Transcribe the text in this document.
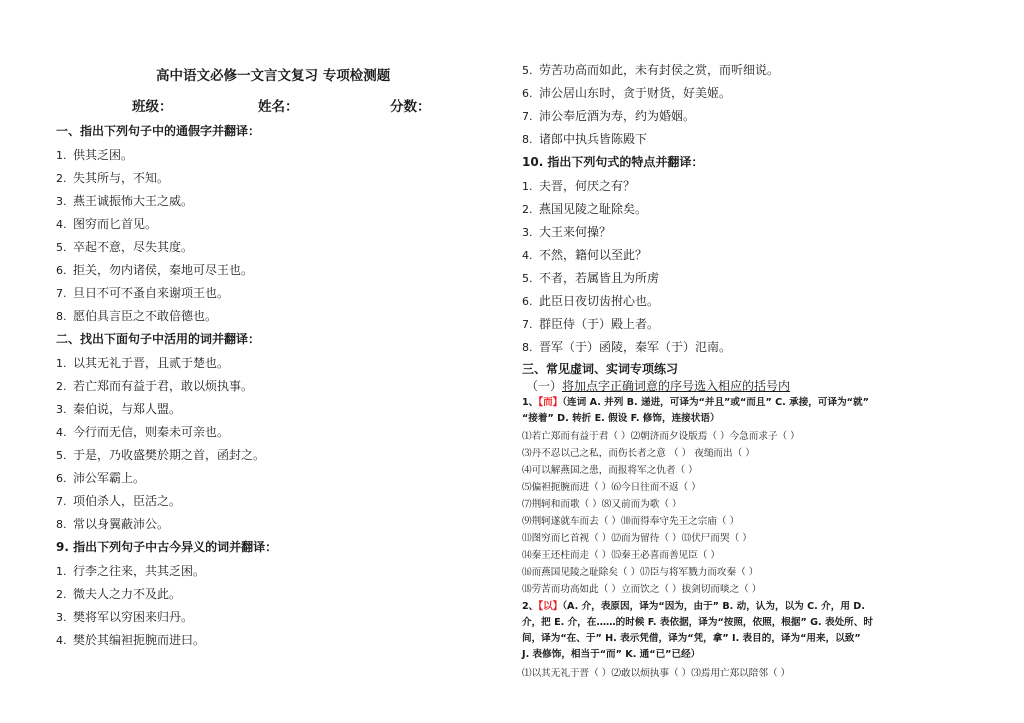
高中语文必修一文言文复习 专项检测题
班级：	姓名：	分数：
一、指出下列句子中的通假字并翻译：
1. 供其乏困。
2. 失其所与，不知。
3. 燕王诚振怖大王之威。
4. 图穷而匕首见。
5. 卒起不意，尽失其度。
6. 拒关，勿内诸侯，秦地可尽王也。
7. 旦日不可不蚤自来谢项王也。
8. 愿伯具言臣之不敢倍德也。
二、找出下面句子中活用的词并翻译：
1. 以其无礼于晋，且贰于楚也。
2. 若亡郑而有益于君，敢以烦执事。
3. 秦伯说，与郑人盟。
4. 今行而无信，则秦未可亲也。
5. 于是，乃收盛樊於期之首，函封之。
6. 沛公军霸上。
7. 项伯杀人，臣活之。
8. 常以身翼蔽沛公。
9. 指出下列句子中古今异义的词并翻译：
1. 行李之往来，共其乏困。
2. 微夫人之力不及此。
3. 樊将军以穷困来归丹。
4. 樊於其编袒扼腕而进曰。
5. 劳苦功高而如此，未有封侯之赏，而听细说。
6. 沛公居山东时，贪于财货，好美姬。
7. 沛公奉卮酒为寿，约为婚姻。
8. 诸郎中执兵皆陈殿下
10. 指出下列句式的特点并翻译：
1. 夫晋，何厌之有？
2. 燕国见陵之耻除矣。
3. 大王来何操？
4. 不然，籍何以至此？
5. 不者，若属皆且为所虏
6. 此臣日夜切齿拊心也。
7. 群臣侍（于）殿上者。
8. 晋军（于）函陵，秦军（于）氾南。
三、常见虚词、实词专项练习
（一）将加点字正确词意的序号选入相应的括号内
1、【而】（连词 A. 并列 B. 递进，可译为“并且”或“而且” C. 承接，可译为“就”
“接着” D. 转折 E. 假设 F. 修饰，连接状语）
⑴若亡郑而有益于君（ ）⑵朝济而夕设版焉（ ）今急而求子（ ）
⑶丹不忍以己之私，而伤长者之意 （ ） 夜缒而出（ ）
⑷可以解燕国之患，而报将军之仇者（ ）
⑸偏袒扼腕而进（ ）⑹今日往而不返（ ）
⑺荆轲和而歌（ ）⑻又前而为歌（ ）
⑼荆轲遂就车而去（ ）⑽而得奉守先王之宗庙（ ）
⑾图穷而匕首视（ ）⑿而为留待（ ）⒀伏尸而哭（ ）
⒁秦王还柱而走（ ）⒂秦王必喜而善见臣（ ）
⒃而燕国见陵之耻除矣（ ）⒄臣与将军戮力而攻秦（ ）
⒅劳苦而功高如此（ ）立而饮之（ ）拔剑切而啖之（ ）
2、【以】（A. 介，表原因，译为“因为，由于” B. 动，认为，以为 C. 介，用 D.
介，把 E. 介，在……的时候 F. 表依据，译为“按照，依照，根据” G. 表处所、时
间，译为“在、于” H. 表示凭借，译为“凭，拿” I. 表目的，译为“用来，以致”
J. 表修饰，相当于“而” K. 通“已”已经）
⑴以其无礼于晋（ ）⑵敢以烦执事（ ）⑶焉用亡郑以陪邻（ ）
